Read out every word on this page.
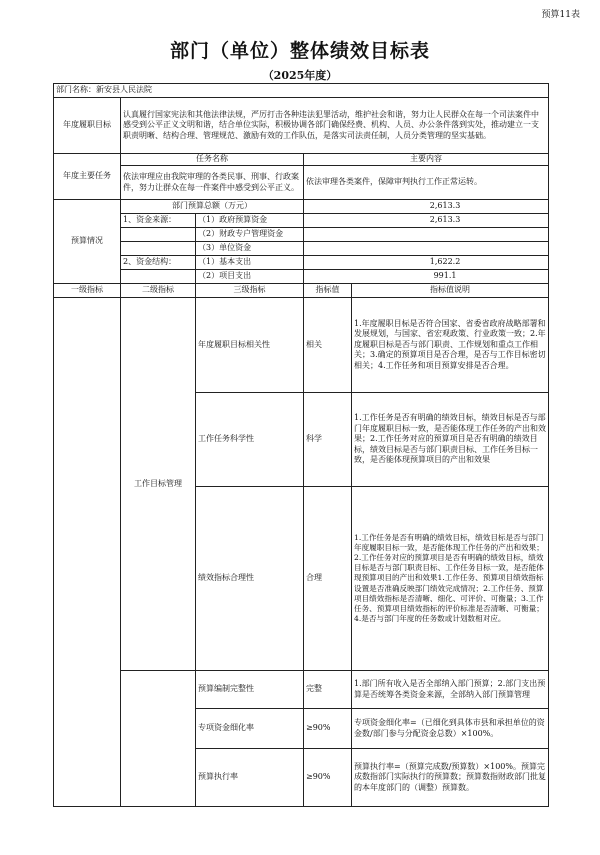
预算11表
部门（单位）整体绩效目标表
（2025年度）
部门名称：新安县人民法院				
年度履职目标	认真履行国家宪法和其他法律法规，严厉打击各种违法犯罪活动，维护社会和谐，努力让人民群众在每一个司法案件中感受到公平正义文明和谐，结合单位实际，积极协调各部门确保经费、机构、人员、办公条件落到实处，推动建立一支职责明晰、结构合理、管理规范、激励有效的工作队伍，是落实司法责任制，人员分类管理的坚实基础。			
年度主要任务	任务名称		主要内容	
	依法审理应由我院审理的各类民事、刑事、行政案件，努力让群众在每一件案件中感受到公平正义。		依法审理各类案件，保障审判执行工作正常运转。	
预算情况	部门预算总额（万元）		2,613.3	
	1、资金来源：	（1）政府预算资金	2,613.3	
		（2）财政专户管理资金		
		（3）单位资金		
	2、资金结构：	（1）基本支出	1,622.2	
		（2）项目支出	991.1	
一级指标	二级指标	三级指标	指标值	指标值说明
	工作目标管理	年度履职目标相关性	相关	1.年度履职目标是否符合国家、省委省政府战略部署和发展规划，与国家、省宏观政策、行业政策一致；2.年度履职目标是否与部门职责、工作规划和重点工作相关；3.确定的预算项目是否合理，是否与工作目标密切相关；4.工作任务和项目预算安排是否合理。
		工作任务科学性	科学	1.工作任务是否有明确的绩效目标，绩效目标是否与部门年度履职目标一致，是否能体现工作任务的产出和效果；2.工作任务对应的预算项目是否有明确的绩效目标，绩效目标是否与部门职责目标、工作任务目标一致，是否能体现预算项目的产出和效果
		绩效指标合理性	合理	1.工作任务是否有明确的绩效目标，绩效目标是否与部门年度履职目标一致，是否能体现工作任务的产出和效果；2.工作任务对应的预算项目是否有明确的绩效目标，绩效目标是否与部门职责目标、工作任务目标一致，是否能体现预算项目的产出和效果1.工作任务、预算项目绩效指标设置是否准确反映部门绩效完成情况；2.工作任务、预算项目绩效指标是否清晰、细化、可评价、可衡量；3.工作任务、预算项目绩效指标的评价标准是否清晰、可衡量；4.是否与部门年度的任务数或计划数相对应。
		预算编制完整性	完整	1.部门所有收入是否全部纳入部门预算；2.部门支出预算是否统筹各类资金来源，全部纳入部门预算管理
		专项资金细化率	≥90%	专项资金细化率=（已细化到具体市县和承担单位的资金数/部门参与分配资金总数）×100%。
		预算执行率	≥90%	预算执行率=（预算完成数/预算数）×100%。预算完成数指部门实际执行的预算数；预算数指财政部门批复的本年度部门的（调整）预算数。
